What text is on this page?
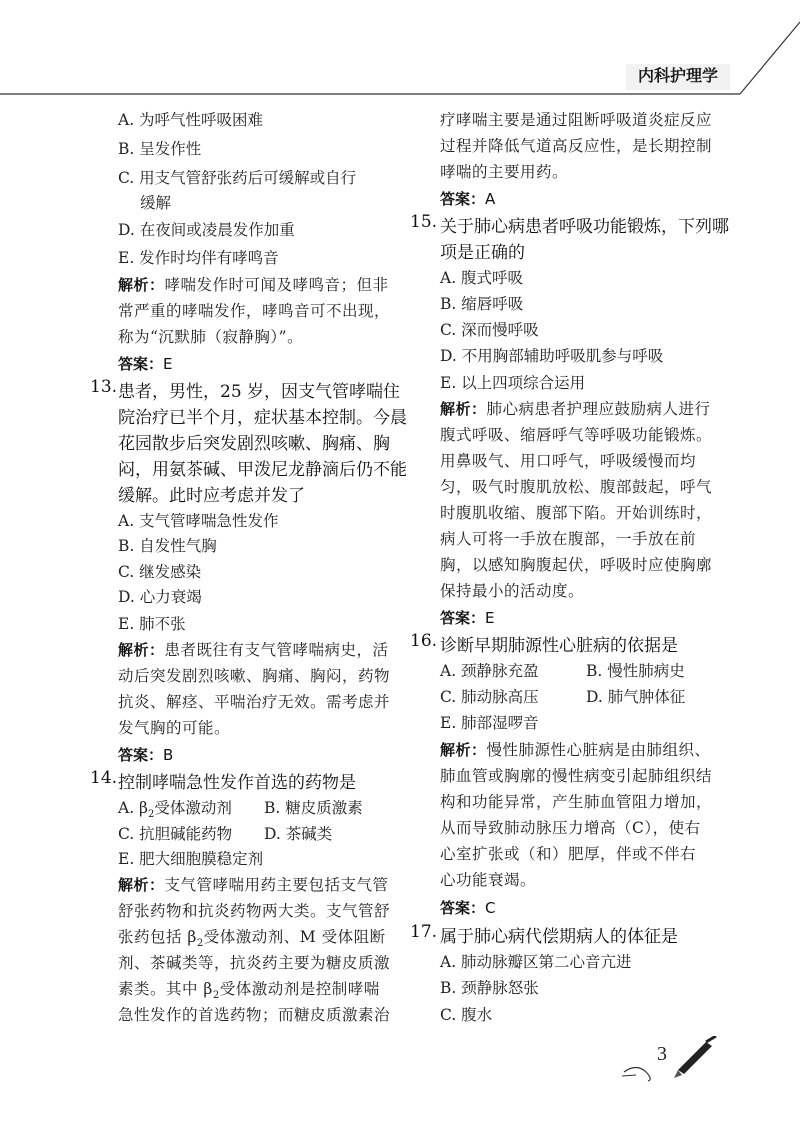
内科护理学
A. 为呼气性呼吸困难
B. 呈发作性
C. 用支气管舒张药后可缓解或自行
缓解
D. 在夜间或凌晨发作加重
E. 发作时均伴有哮鸣音
解析：哮喘发作时可闻及哮鸣音；但非
常严重的哮喘发作，哮鸣音可不出现，
称为“沉默肺（寂静胸）”。
答案：E
13. 患者，男性，25 岁，因支气管哮喘住
院治疗已半个月，症状基本控制。今晨
花园散步后突发剧烈咳嗽、胸痛、胸
闷，用氨茶碱、甲泼尼龙静滴后仍不能
缓解。此时应考虑并发了
A. 支气管哮喘急性发作
B. 自发性气胸
C. 继发感染
D. 心力衰竭
E. 肺不张
解析：患者既往有支气管哮喘病史，活
动后突发剧烈咳嗽、胸痛、胸闷，药物
抗炎、解痉、平喘治疗无效。需考虑并
发气胸的可能。
答案：B
14. 控制哮喘急性发作首选的药物是
A. $\beta_2$受体激动剂 B. 糖皮质激素
C. 抗胆碱能药物 D. 茶碱类
E. 肥大细胞膜稳定剂
解析：支气管哮喘用药主要包括支气管
舒张药物和抗炎药物两大类。支气管舒
张药包括 $\beta_2$受体激动剂、M 受体阻断
剂、茶碱类等，抗炎药主要为糖皮质激
素类。其中 $\beta_2$受体激动剂是控制哮喘
急性发作的首选药物；而糖皮质激素治
疗哮喘主要是通过阻断呼吸道炎症反应
过程并降低气道高反应性，是长期控制
哮喘的主要用药。
答案：A
15. 关于肺心病患者呼吸功能锻炼，下列哪
项是正确的
A. 腹式呼吸
B. 缩唇呼吸
C. 深而慢呼吸
D. 不用胸部辅助呼吸肌参与呼吸
E. 以上四项综合运用
解析：肺心病患者护理应鼓励病人进行
腹式呼吸、缩唇呼气等呼吸功能锻炼。
用鼻吸气、用口呼气，呼吸缓慢而均
匀，吸气时腹肌放松、腹部鼓起，呼气
时腹肌收缩、腹部下陷。开始训练时，
病人可将一手放在腹部，一手放在前
胸，以感知胸腹起伏，呼吸时应使胸廓
保持最小的活动度。
答案：E
16. 诊断早期肺源性心脏病的依据是
A. 颈静脉充盈	B. 慢性肺病史
C. 肺动脉高压	D. 肺气肿体征
E. 肺部湿啰音
解析：慢性肺源性心脏病是由肺组织、
肺血管或胸廓的慢性病变引起肺组织结
构和功能异常，产生肺血管阻力增加，
从而导致肺动脉压力增高（C），使右
心室扩张或（和）肥厚，伴或不伴右
心功能衰竭。
答案：C
17. 属于肺心病代偿期病人的体征是
A. 肺动脉瓣区第二心音亢进
B. 颈静脉怒张
C. 腹水
3
